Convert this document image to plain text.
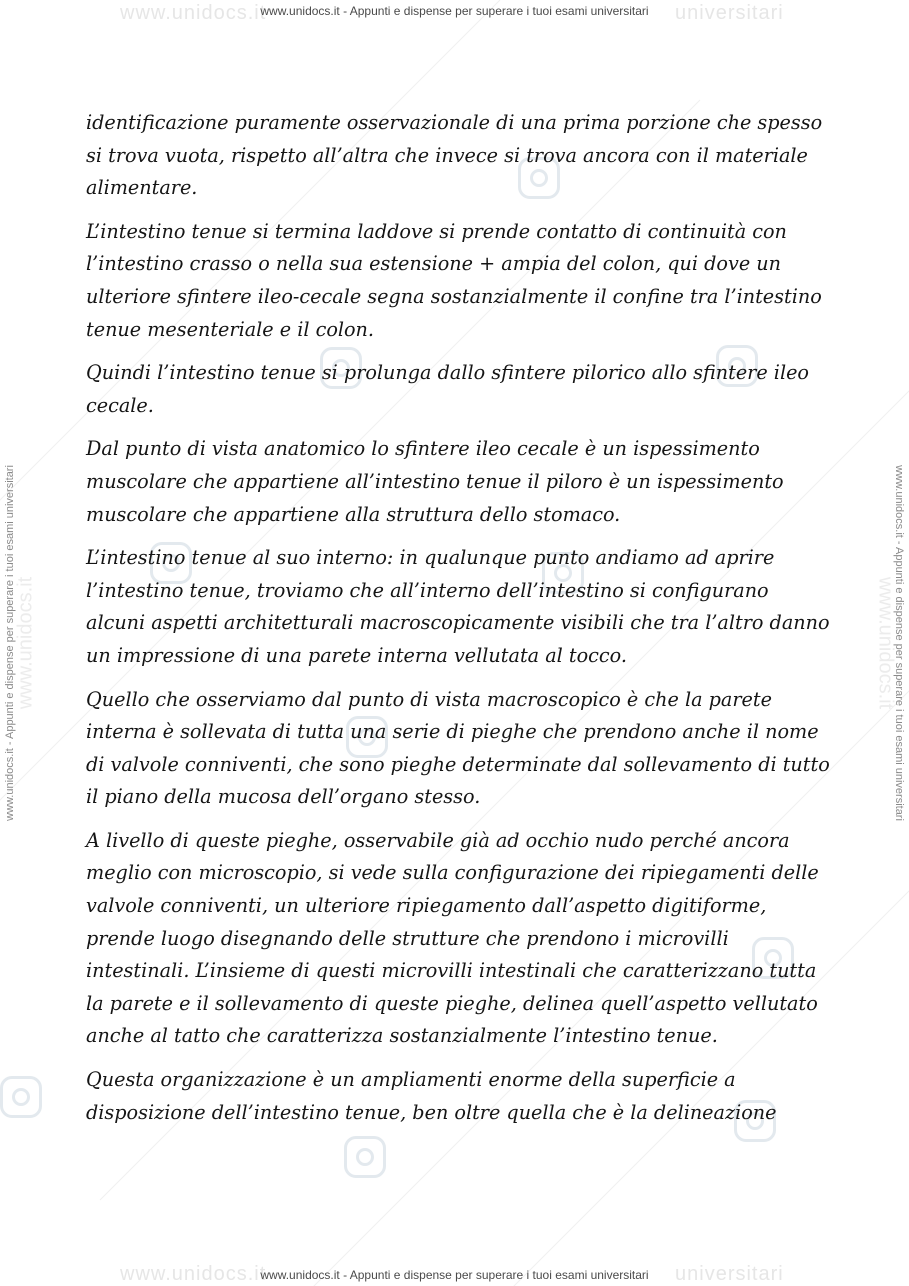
www.unidocs.it	universitari
www.unidocs.it	universitari
www.unidocs.it - Appunti e dispense per superare i tuoi esami universitari
www.unidocs.it - Appunti e dispense per superare i tuoi esami universitari
www.unidocs.it	www.unidocs.it
www.unidocs.it - Appunti e dispense per superare i tuoi esami universitari	www.unidocs.it - Appunti e dispense per superare i tuoi esami universitari

identificazione puramente osservazionale di una prima porzione che spesso si trova vuota, rispetto all’altra che invece si trova ancora con il materiale alimentare.

L’intestino tenue si termina laddove si prende contatto di continuità con l’intestino crasso o nella sua estensione + ampia del colon, qui dove un ulteriore sfintere ileo-cecale segna sostanzialmente il confine tra l’intestino tenue mesenteriale e il colon.

Quindi l’intestino tenue si prolunga dallo sfintere pilorico allo sfintere ileo cecale.

Dal punto di vista anatomico lo sfintere ileo cecale è un ispessimento muscolare che appartiene all’intestino tenue il piloro è un ispessimento muscolare che appartiene alla struttura dello stomaco.

L’intestino tenue al suo interno: in qualunque punto andiamo ad aprire l’intestino tenue, troviamo che all’interno dell’intestino si configurano alcuni aspetti architetturali macroscopicamente visibili che tra l’altro danno un impressione di una parete interna vellutata al tocco.

Quello che osserviamo dal punto di vista macroscopico è che la parete interna è sollevata di tutta una serie di pieghe che prendono anche il nome di valvole conniventi, che sono pieghe determinate dal sollevamento di tutto il piano della mucosa dell’organo stesso.

A livello di queste pieghe, osservabile già ad occhio nudo perché ancora meglio con microscopio, si vede sulla configurazione dei ripiegamenti delle valvole conniventi, un ulteriore ripiegamento dall’aspetto digitiforme, prende luogo disegnando delle strutture che prendono i microvilli intestinali. L’insieme di questi microvilli intestinali che caratterizzano tutta la parete e il sollevamento di queste pieghe, delinea quell’aspetto vellutato anche al tatto che caratterizza sostanzialmente l’intestino tenue.

Questa organizzazione è un ampliamenti enorme della superficie a disposizione dell’intestino tenue, ben oltre quella che è la delineazione
